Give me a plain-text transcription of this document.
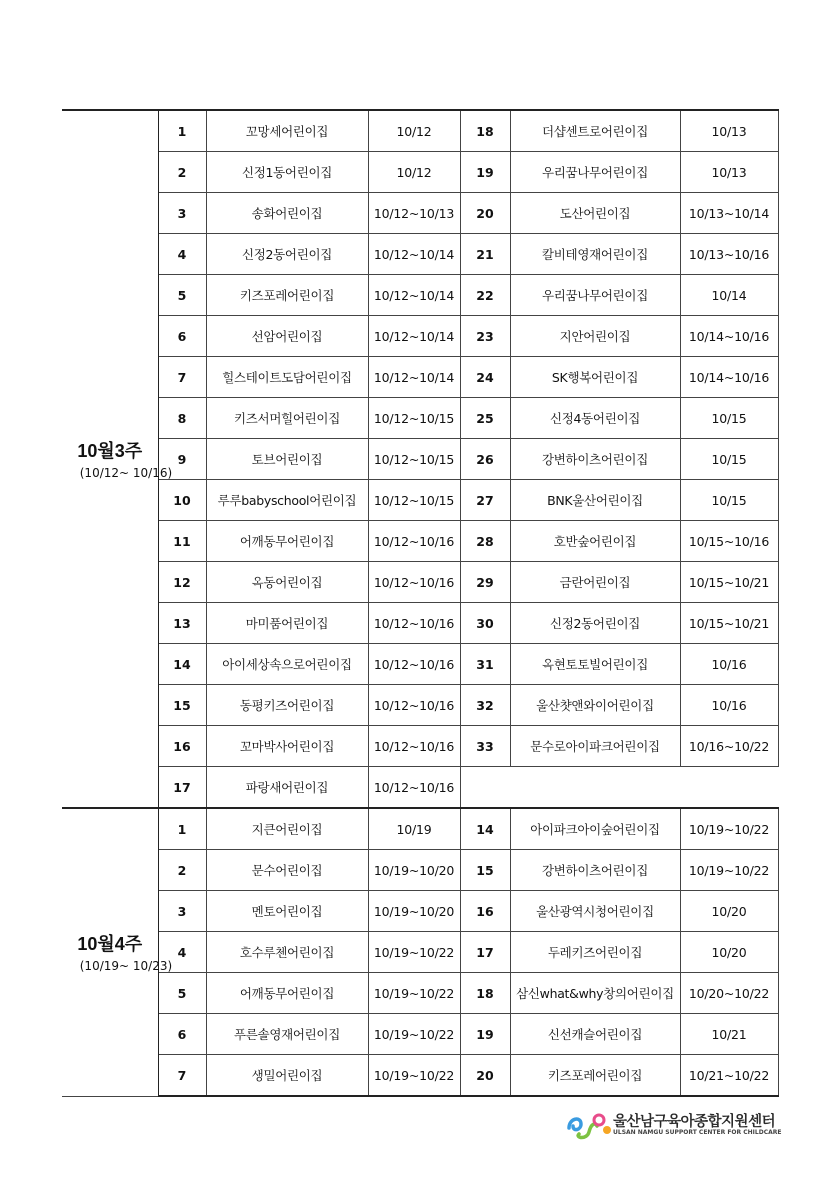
10월3주
(10/12~ 10/16)	1	꼬망세어린이집	10/12	18	더샵센트로어린이집	10/13
	2	신정1동어린이집	10/12	19	우리꿈나무어린이집	10/13
	3	송화어린이집	10/12~10/13	20	도산어린이집	10/13~10/14
	4	신정2동어린이집	10/12~10/14	21	칼비테영재어린이집	10/13~10/16
	5	키즈포레어린이집	10/12~10/14	22	우리꿈나무어린이집	10/14
	6	선암어린이집	10/12~10/14	23	지안어린이집	10/14~10/16
	7	힐스테이트도담어린이집	10/12~10/14	24	SK행복어린이집	10/14~10/16
	8	키즈서머힐어린이집	10/12~10/15	25	신정4동어린이집	10/15
	9	토브어린이집	10/12~10/15	26	강변하이츠어린이집	10/15
	10	루루babyschool어린이집	10/12~10/15	27	BNK울산어린이집	10/15
	11	어깨동무어린이집	10/12~10/16	28	호반숲어린이집	10/15~10/16
	12	옥동어린이집	10/12~10/16	29	금란어린이집	10/15~10/21
	13	마미품어린이집	10/12~10/16	30	신정2동어린이집	10/15~10/21
	14	아이세상속으로어린이집	10/12~10/16	31	옥현토토빌어린이집	10/16
	15	동평키즈어린이집	10/12~10/16	32	울산챳앤와이어린이집	10/16
	16	꼬마박사어린이집	10/12~10/16	33	문수로아이파크어린이집	10/16~10/22
	17	파랑새어린이집	10/12~10/16			

10월4주
(10/19~ 10/23)	1	지큰어린이집	10/19	14	아이파크아이숲어린이집	10/19~10/22
	2	문수어린이집	10/19~10/20	15	강변하이츠어린이집	10/19~10/22
	3	멘토어린이집	10/19~10/20	16	울산광역시청어린이집	10/20
	4	호수루첸어린이집	10/19~10/22	17	두레키즈어린이집	10/20
	5	어깨동무어린이집	10/19~10/22	18	삼신what&why창의어린이집	10/20~10/22
	6	푸른솔영재어린이집	10/19~10/22	19	신선캐슬어린이집	10/21
	7	생밀어린이집	10/19~10/22	20	키즈포레어린이집	10/21~10/22
울산남구육아종합지원센터
ULSAN NAMGU SUPPORT CENTER FOR CHILDCARE
